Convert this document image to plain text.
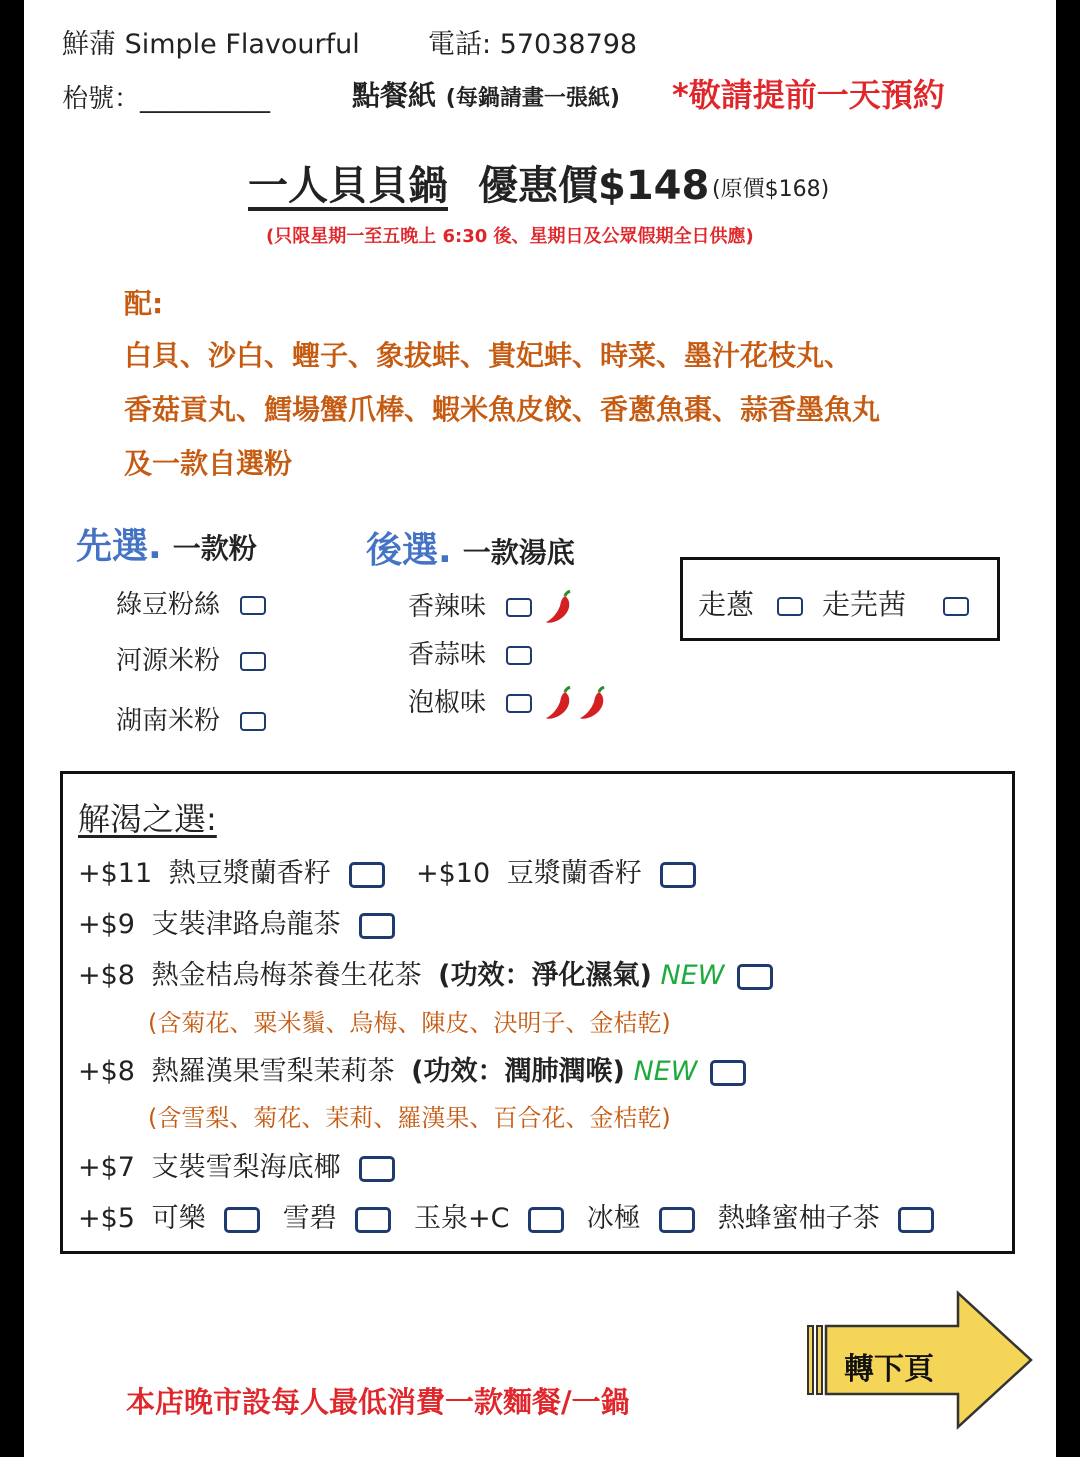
鮮蒲 Simple Flavourful	電話: 57038798
枱號：__________	點餐紙 (每鍋請畫一張紙) *敬請提前一天預約
一人貝貝鍋 優惠價$148 (原價$168)
(只限星期一至五晚上 6:30 後、星期日及公眾假期全日供應)
配:
白貝、沙白、蟶子、象拔蚌、貴妃蚌、時菜、墨汁花枝丸、
香菇貢丸、鱈場蟹爪棒、蝦米魚皮餃、香蔥魚棗、蒜香墨魚丸
及一款自選粉
先選. 一款粉
綠豆粉絲
河源米粉
湖南米粉
後選. 一款湯底
香辣味
香蒜味
泡椒味
走蔥	走芫茜
解渴之選:
+$11 熱豆漿蘭香籽	+$10 豆漿蘭香籽
+$9 支裝津路烏龍茶
+$8 熱金桔烏梅茶養生花茶 (功效：淨化濕氣) NEW
(含菊花、粟米鬚、烏梅、陳皮、決明子、金桔乾)
+$8 熱羅漢果雪梨茉莉茶 (功效：潤肺潤喉) NEW
(含雪梨、菊花、茉莉、羅漢果、百合花、金桔乾)
+$7 支裝雪梨海底椰
+$5 可樂	雪碧	玉泉+C	冰極	熱蜂蜜柚子茶
本店晚市設每人最低消費一款麵餐/一鍋
轉下頁
